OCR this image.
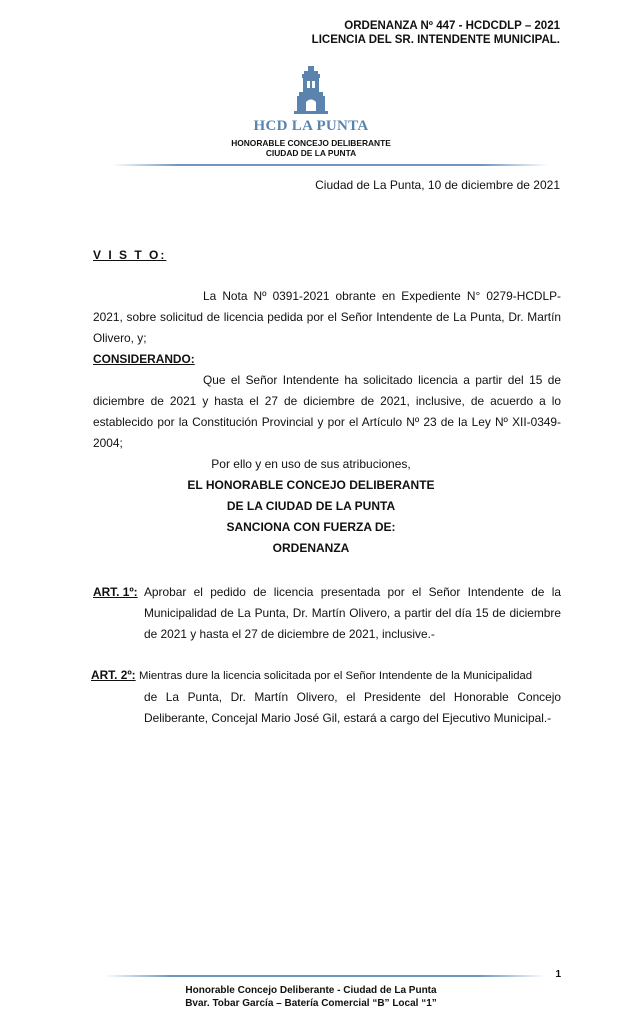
ORDENANZA Nº 447 - HCDCDLP – 2021
LICENCIA DEL SR. INTENDENTE MUNICIPAL.
HCD LA PUNTA
HONORABLE CONCEJO DELIBERANTE
CIUDAD DE LA PUNTA
Ciudad de La Punta, 10 de diciembre de 2021
V I S T O:
La Nota Nº 0391-2021 obrante en Expediente N° 0279-HCDLP- 2021, sobre solicitud de licencia pedida por el Señor Intendente de La Punta, Dr. Martín Olivero, y;
CONSIDERANDO:
Que el Señor Intendente ha solicitado licencia a partir del 15 de diciembre de 2021 y hasta el 27 de diciembre de 2021, inclusive, de acuerdo a lo establecido por la Constitución Provincial y por el Artículo Nº 23 de la Ley Nº XII-0349-2004;
Por ello y en uso de sus atribuciones,
EL HONORABLE CONCEJO DELIBERANTE
DE LA CIUDAD DE LA PUNTA
SANCIONA CON FUERZA DE:
ORDENANZA
ART. 1º: Aprobar el pedido de licencia presentada por el Señor Intendente de la Municipalidad de La Punta, Dr. Martín Olivero, a partir del día 15 de diciembre de 2021 y hasta el 27 de diciembre de 2021, inclusive.-
ART. 2º: Mientras dure la licencia solicitada por el Señor Intendente de la Municipalidad
de La Punta, Dr. Martín Olivero, el Presidente del Honorable Concejo Deliberante, Concejal Mario José Gil, estará a cargo del Ejecutivo Municipal.-
1
Honorable Concejo Deliberante - Ciudad de La Punta
Bvar. Tobar García – Batería Comercial “B” Local “1”
